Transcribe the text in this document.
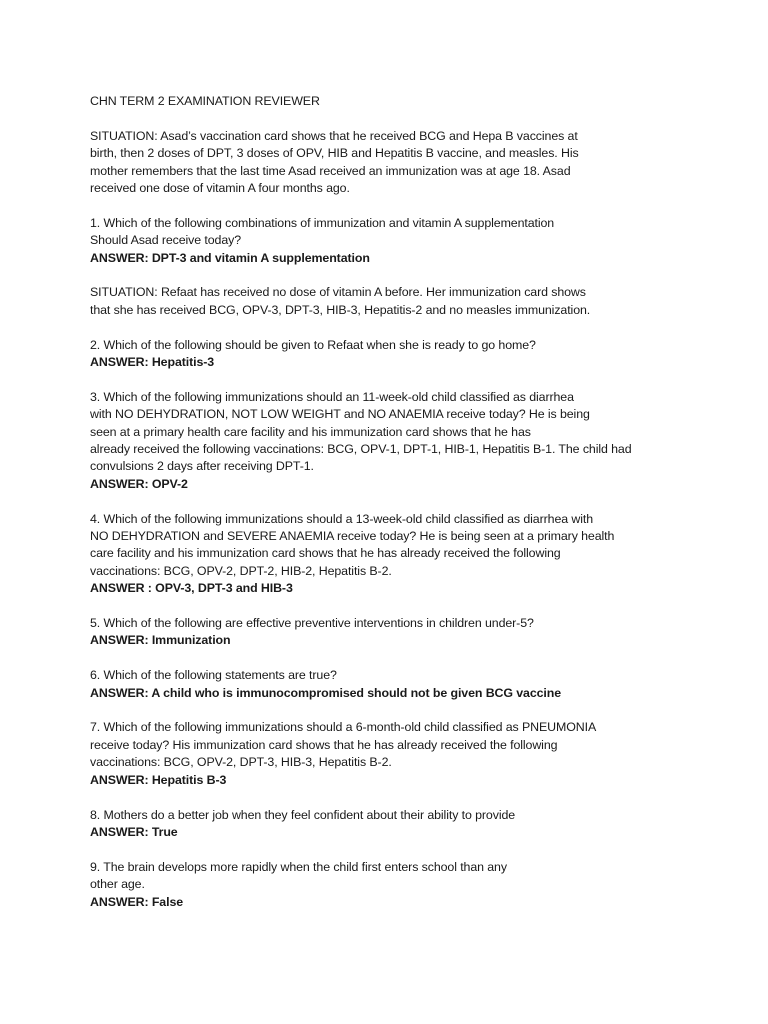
CHN TERM 2 EXAMINATION REVIEWER
SITUATION: Asad’s vaccination card shows that he received BCG and Hepa B vaccines at
birth, then 2 doses of DPT, 3 doses of OPV, HIB and Hepatitis B vaccine, and measles. His
mother remembers that the last time Asad received an immunization was at age 18. Asad
received one dose of vitamin A four months ago.
1. Which of the following combinations of immunization and vitamin A supplementation
Should Asad receive today?
ANSWER: DPT-3 and vitamin A supplementation
SITUATION: Refaat has received no dose of vitamin A before. Her immunization card shows
that she has received BCG, OPV-3, DPT-3, HIB-3, Hepatitis-2 and no measles immunization.
2. Which of the following should be given to Refaat when she is ready to go home?
ANSWER: Hepatitis-3
3. Which of the following immunizations should an 11-week-old child classified as diarrhea
with NO DEHYDRATION, NOT LOW WEIGHT and NO ANAEMIA receive today? He is being
seen at a primary health care facility and his immunization card shows that he has
already received the following vaccinations: BCG, OPV-1, DPT-1, HIB-1, Hepatitis B-1. The child had
convulsions 2 days after receiving DPT-1.
ANSWER: OPV-2
4. Which of the following immunizations should a 13-week-old child classified as diarrhea with
NO DEHYDRATION and SEVERE ANAEMIA receive today? He is being seen at a primary health
care facility and his immunization card shows that he has already received the following
vaccinations: BCG, OPV-2, DPT-2, HIB-2, Hepatitis B-2.
ANSWER : OPV-3, DPT-3 and HIB-3
5. Which of the following are effective preventive interventions in children under-5?
ANSWER: Immunization
6. Which of the following statements are true?
ANSWER: A child who is immunocompromised should not be given BCG vaccine
7. Which of the following immunizations should a 6-month-old child classified as PNEUMONIA
receive today? His immunization card shows that he has already received the following
vaccinations: BCG, OPV-2, DPT-3, HIB-3, Hepatitis B-2.
ANSWER: Hepatitis B-3
8. Mothers do a better job when they feel confident about their ability to provide
ANSWER: True
9. The brain develops more rapidly when the child first enters school than any
other age.
ANSWER: False
